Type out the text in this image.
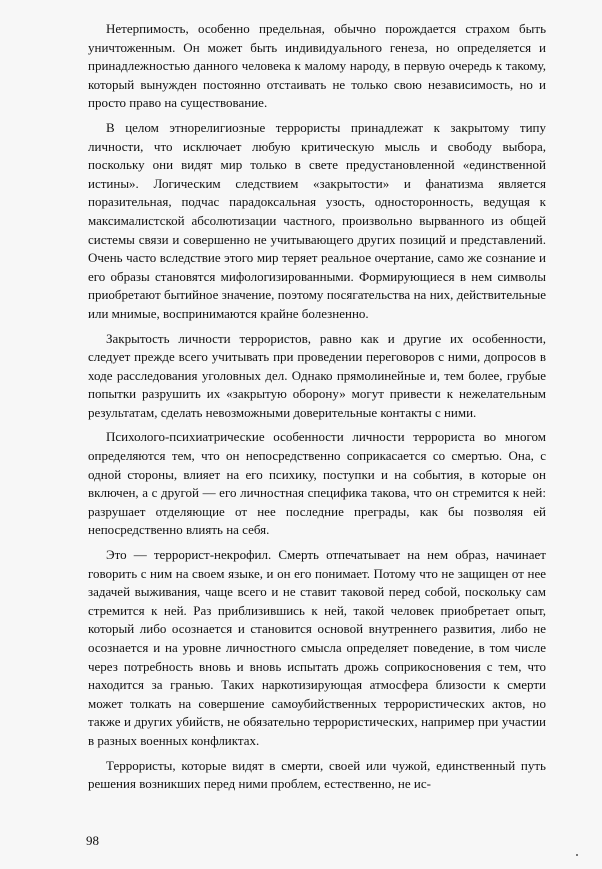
Нетерпимость, особенно предельная, обычно порождается страхом быть уничтоженным. Он может быть индивидуального генеза, но определяется и принадлежностью данного человека к малому народу, в первую очередь к такому, который вынужден постоянно отстаивать не только свою независимость, но и просто право на существование.

В целом этнорелигиозные террористы принадлежат к закрытому типу личности, что исключает любую критическую мысль и свободу выбора, поскольку они видят мир только в свете предустановленной «единственной истины». Логическим следствием «закрытости» и фанатизма является поразительная, подчас парадоксальная узость, односторонность, ведущая к максималистской абсолютизации частного, произвольно вырванного из общей системы связи и совершенно не учитывающего других позиций и представлений. Очень часто вследствие этого мир теряет реальное очертание, само же сознание и его образы становятся мифологизированными. Формирующиеся в нем символы приобретают бытийное значение, поэтому посягательства на них, действительные или мнимые, воспринимаются крайне болезненно.

Закрытость личности террористов, равно как и другие их особенности, следует прежде всего учитывать при проведении переговоров с ними, допросов в ходе расследования уголовных дел. Однако прямолинейные и, тем более, грубые попытки разрушить их «закрытую оборону» могут привести к нежелательным результатам, сделать невозможными доверительные контакты с ними.

Психолого-психиатрические особенности личности террориста во многом определяются тем, что он непосредственно соприкасается со смертью. Она, с одной стороны, влияет на его психику, поступки и на события, в которые он включен, а с другой — его личностная специфика такова, что он стремится к ней: разрушает отделяющие от нее последние преграды, как бы позволяя ей непосредственно влиять на себя.

Это — террорист-некрофил. Смерть отпечатывает на нем образ, начинает говорить с ним на своем языке, и он его понимает. Потому что не защищен от нее задачей выживания, чаще всего и не ставит таковой перед собой, поскольку сам стремится к ней. Раз приблизившись к ней, такой человек приобретает опыт, который либо осознается и становится основой внутреннего развития, либо не осознается и на уровне личностного смысла определяет поведение, в том числе через потребность вновь и вновь испытать дрожь соприкосновения с тем, что находится за гранью. Таких наркотизирующая атмосфера близости к смерти может толкать на совершение самоубийственных террористических актов, но также и других убийств, не обязательно террористических, например при участии в разных военных конфликтах.

Террористы, которые видят в смерти, своей или чужой, единственный путь решения возникших перед ними проблем, естественно, не ис-

98
